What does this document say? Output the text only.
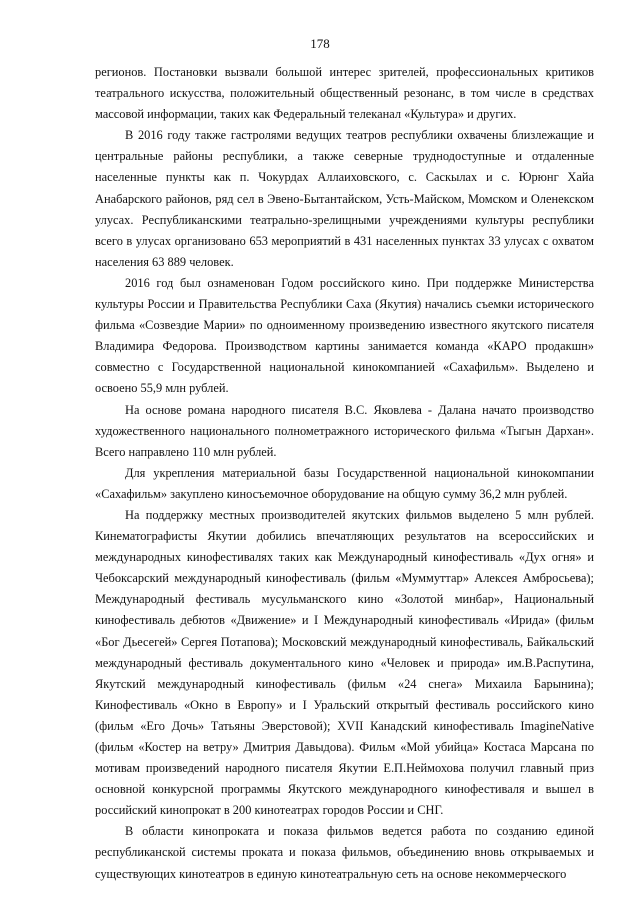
178

регионов. Постановки вызвали большой интерес зрителей, профессиональных критиков театрального искусства, положительный общественный резонанс, в том числе в средствах массовой информации, таких как Федеральный телеканал «Культура» и других.

В 2016 году также гастролями ведущих театров республики охвачены близлежащие и центральные районы республики, а также северные труднодоступные и отдаленные населенные пункты как п. Чокурдах Аллаиховского, с. Саскылах и с. Юрюнг Хайа Анабарского районов, ряд сел в Эвено-Бытантайском, Усть-Майском, Момском и Оленекском улусах. Республиканскими театрально-зрелищными учреждениями культуры республики всего в улусах организовано 653 мероприятий в 431 населенных пунктах 33 улусах с охватом населения 63 889 человек.

2016 год был ознаменован Годом российского кино. При поддержке Министерства культуры России и Правительства Республики Саха (Якутия) начались съемки исторического фильма «Созвездие Марии» по одноименному произведению известного якутского писателя Владимира Федорова. Производством картины занимается команда «КАРО продакшн» совместно с Государственной национальной кинокомпанией «Сахафильм». Выделено и освоено 55,9 млн рублей.

На основе романа народного писателя В.С. Яковлева - Далана начато производство художественного национального полнометражного исторического фильма «Тыгын Дархан». Всего направлено 110 млн рублей.

Для укрепления материальной базы Государственной национальной кинокомпании «Сахафильм» закуплено киносъемочное оборудование на общую сумму 36,2 млн рублей.

На поддержку местных производителей якутских фильмов выделено 5 млн рублей. Кинематографисты Якутии добились впечатляющих результатов на всероссийских и международных кинофестивалях таких как Международный кинофестиваль «Дух огня» и Чебоксарский международный кинофестиваль (фильм «Муммуттар» Алексея Амбросьева); Международный фестиваль мусульманского кино «Золотой минбар», Национальный кинофестиваль дебютов «Движение» и I Международный кинофестиваль «Ирида» (фильм «Бог Дьесегей» Сергея Потапова); Московский международный кинофестиваль, Байкальский международный фестиваль документального кино «Человек и природа» им.В.Распутина, Якутский международный кинофестиваль (фильм «24 снега» Михаила Барынина); Кинофестиваль «Окно в Европу» и I Уральский открытый фестиваль российского кино (фильм «Его Дочь» Татьяны Эверстовой); XVII Канадский кинофестиваль ImagineNative (фильм «Костер на ветру» Дмитрия Давыдова). Фильм «Мой убийца» Костаса Марсана по мотивам произведений народного писателя Якутии Е.П.Неймохова получил главный приз основной конкурсной программы Якутского международного кинофестиваля и вышел в российский кинопрокат в 200 кинотеатрах городов России и СНГ.

В области кинопроката и показа фильмов ведется работа по созданию единой республиканской системы проката и показа фильмов, объединению вновь открываемых и существующих кинотеатров в единую кинотеатральную сеть на основе некоммерческого
